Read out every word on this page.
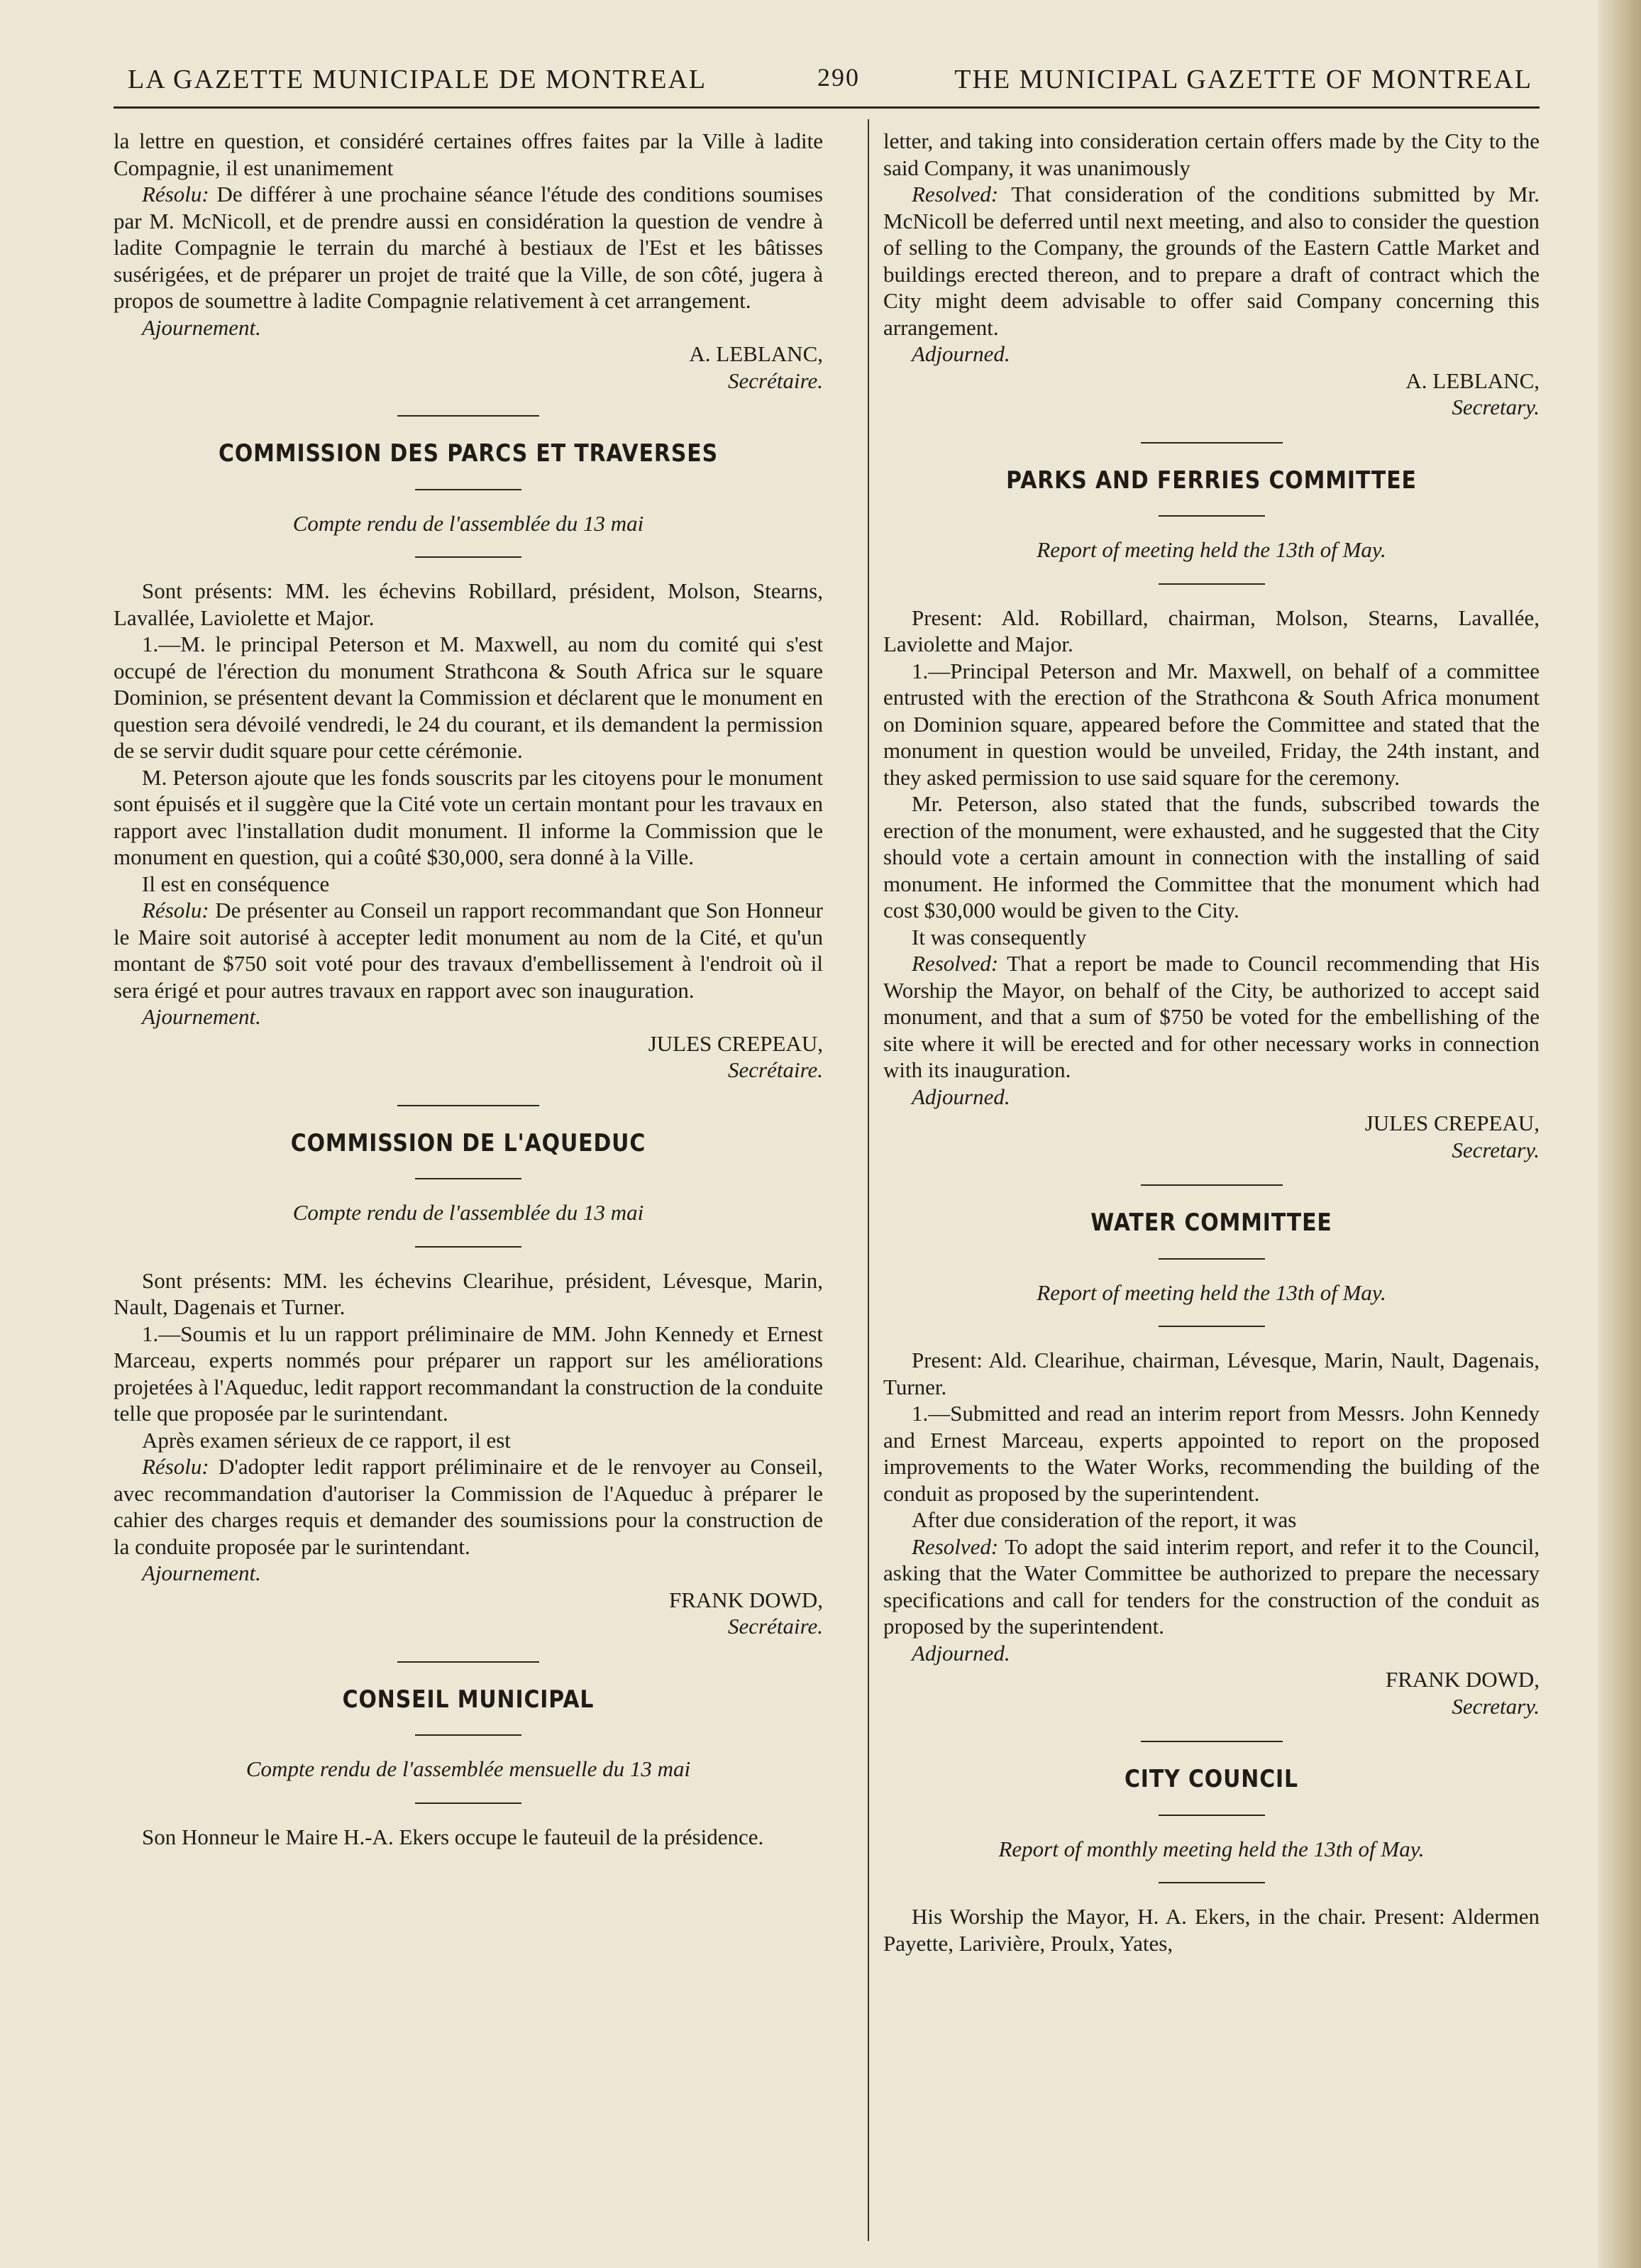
LA GAZETTE MUNICIPALE DE MONTREAL	290	THE MUNICIPAL GAZETTE OF MONTREAL

la lettre en question, et considéré certaines offres faites par la Ville à ladite Compagnie, il est unanimement

Résolu: De différer à une prochaine séance l'étude des conditions soumises par M. McNicoll, et de prendre aussi en considération la question de vendre à ladite Compagnie le terrain du marché à bestiaux de l'Est et les bâtisses susérigées, et de préparer un projet de traité que la Ville, de son côté, jugera à propos de soumettre à ladite Compagnie relativement à cet arrangement.

Ajournement.

A. LEBLANC,
Secrétaire.

COMMISSION DES PARCS ET TRAVERSES
Compte rendu de l'assemblée du 13 mai

Sont présents: MM. les échevins Robillard, président, Molson, Stearns, Lavallée, Laviolette et Major.

1.—M. le principal Peterson et M. Maxwell, au nom du comité qui s'est occupé de l'érection du monument Strathcona & South Africa sur le square Dominion, se présentent devant la Commission et déclarent que le monument en question sera dévoilé vendredi, le 24 du courant, et ils demandent la permission de se servir dudit square pour cette cérémonie.

M. Peterson ajoute que les fonds souscrits par les citoyens pour le monument sont épuisés et il suggère que la Cité vote un certain montant pour les travaux en rapport avec l'installation dudit monument. Il informe la Commission que le monument en question, qui a coûté $30,000, sera donné à la Ville.

Il est en conséquence

Résolu: De présenter au Conseil un rapport recommandant que Son Honneur le Maire soit autorisé à accepter ledit monument au nom de la Cité, et qu'un montant de $750 soit voté pour des travaux d'embellissement à l'endroit où il sera érigé et pour autres travaux en rapport avec son inauguration.

Ajournement.

JULES CREPEAU,
Secrétaire.

COMMISSION DE L'AQUEDUC
Compte rendu de l'assemblée du 13 mai

Sont présents: MM. les échevins Clearihue, président, Lévesque, Marin, Nault, Dagenais et Turner.

1.—Soumis et lu un rapport préliminaire de MM. John Kennedy et Ernest Marceau, experts nommés pour préparer un rapport sur les améliorations projetées à l'Aqueduc, ledit rapport recommandant la construction de la conduite telle que proposée par le surintendant.

Après examen sérieux de ce rapport, il est

Résolu: D'adopter ledit rapport préliminaire et de le renvoyer au Conseil, avec recommandation d'autoriser la Commission de l'Aqueduc à préparer le cahier des charges requis et demander des soumissions pour la construction de la conduite proposée par le surintendant.

Ajournement.

FRANK DOWD,
Secrétaire.

CONSEIL MUNICIPAL
Compte rendu de l'assemblée mensuelle du 13 mai

Son Honneur le Maire H.-A. Ekers occupe le fauteuil de la présidence.

letter, and taking into consideration certain offers made by the City to the said Company, it was unanimously

Resolved: That consideration of the conditions submitted by Mr. McNicoll be deferred until next meeting, and also to consider the question of selling to the Company, the grounds of the Eastern Cattle Market and buildings erected thereon, and to prepare a draft of contract which the City might deem advisable to offer said Company concerning this arrangement.

Adjourned.

A. LEBLANC,
Secretary.

PARKS AND FERRIES COMMITTEE
Report of meeting held the 13th of May.

Present: Ald. Robillard, chairman, Molson, Stearns, Lavallée, Laviolette and Major.

1.—Principal Peterson and Mr. Maxwell, on behalf of a committee entrusted with the erection of the Strathcona & South Africa monument on Dominion square, appeared before the Committee and stated that the monument in question would be unveiled, Friday, the 24th instant, and they asked permission to use said square for the ceremony.

Mr. Peterson, also stated that the funds, subscribed towards the erection of the monument, were exhausted, and he suggested that the City should vote a certain amount in connection with the installing of said monument. He informed the Committee that the monument which had cost $30,000 would be given to the City.

It was consequently

Resolved: That a report be made to Council recommending that His Worship the Mayor, on behalf of the City, be authorized to accept said monument, and that a sum of $750 be voted for the embellishing of the site where it will be erected and for other necessary works in connection with its inauguration.

Adjourned.

JULES CREPEAU,
Secretary.

WATER COMMITTEE
Report of meeting held the 13th of May.

Present: Ald. Clearihue, chairman, Lévesque, Marin, Nault, Dagenais, Turner.

1.—Submitted and read an interim report from Messrs. John Kennedy and Ernest Marceau, experts appointed to report on the proposed improvements to the Water Works, recommending the building of the conduit as proposed by the superintendent.

After due consideration of the report, it was

Resolved: To adopt the said interim report, and refer it to the Council, asking that the Water Committee be authorized to prepare the necessary specifications and call for tenders for the construction of the conduit as proposed by the superintendent.

Adjourned.

FRANK DOWD,
Secretary.

CITY COUNCIL
Report of monthly meeting held the 13th of May.

His Worship the Mayor, H. A. Ekers, in the chair. Present: Aldermen Payette, Larivière, Proulx, Yates,
